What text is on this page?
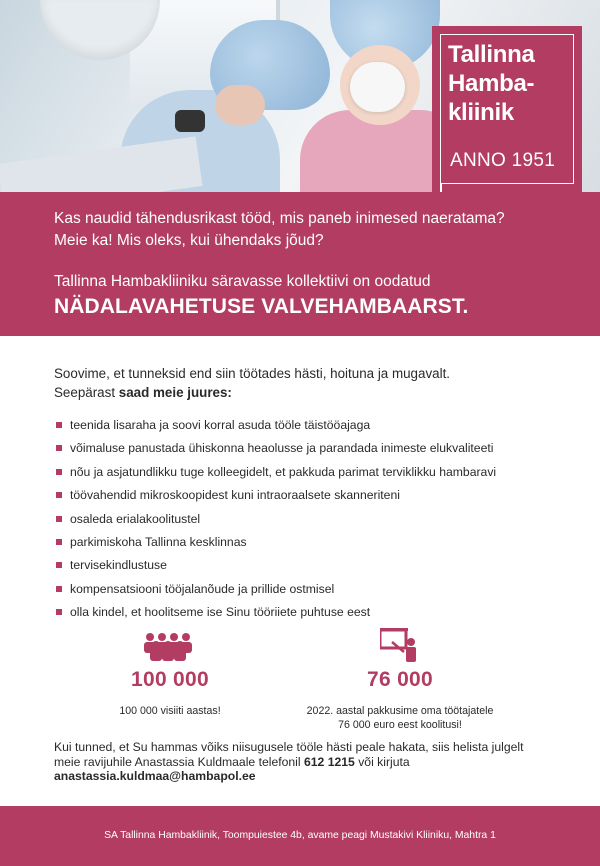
Tallinna
Hamba-
kliinik
ANNO 1951

Kas naudid tähendusrikast tööd, mis paneb inimesed naeratama?
Meie ka! Mis oleks, kui ühendaks jõud?

Tallinna Hambakliiniku säravasse kollektiivi on oodatud

NÄDALAVAHETUSE VALVEHAMBAARST.
Soovime, et tunneksid end siin töötades hästi, hoituna ja mugavalt.
Seepärast saad meie juures:
teenida lisaraha ja soovi korral asuda tööle täistööajaga
võimaluse panustada ühiskonna heaolusse ja parandada inimeste elukvaliteeti
nõu ja asjatundlikku tuge kolleegidelt, et pakkuda parimat terviklikku hambaravi
töövahendid mikroskoopidest kuni intraoraalsete skanneriteni
osaleda erialakoolitustel
parkimiskoha Tallinna kesklinnas
tervisekindlustuse
kompensatsiooni tööjalanõude ja prillide ostmisel
olla kindel, et hoolitseme ise Sinu tööriiete puhtuse eest
100 000
100 000 visiiti aastas!
76 000
2022. aastal pakkusime oma töötajatele
76 000 euro eest koolitusi!
Kui tunned, et Su hammas võiks niisugusele tööle hästi peale hakata, siis helista julgelt
meie ravijuhile Anastassia Kuldmaale telefonil 612 1215 või kirjuta
anastassia.kuldmaa@hambapol.ee
SA Tallinna Hambakliinik, Toompuiestee 4b, avame peagi Mustakivi Kliiniku, Mahtra 1
